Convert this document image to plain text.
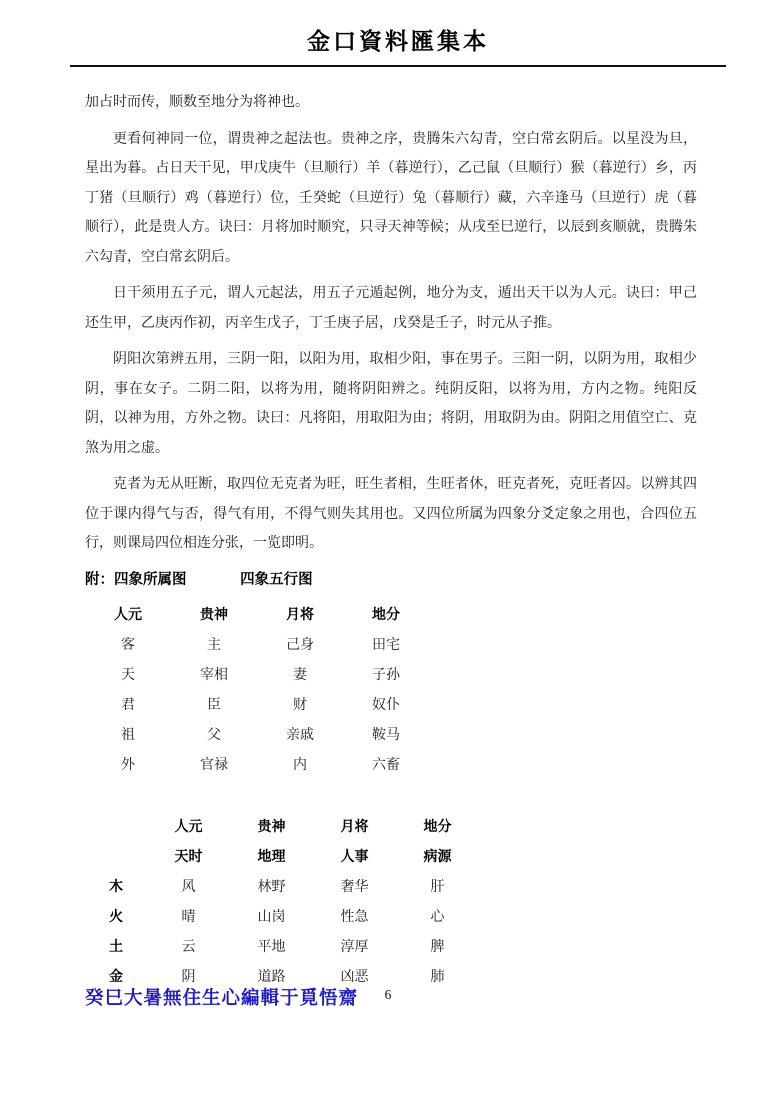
金口資料匯集本

加占时而传，顺数至地分为将神也。

更看何神同一位，谓贵神之起法也。贵神之序，贵腾朱六勾青，空白常玄阴后。以星没为旦，星出为暮。占日天干见，甲戊庚牛（旦顺行）羊（暮逆行），乙己鼠（旦顺行）猴（暮逆行）乡，丙丁猪（旦顺行）鸡（暮逆行）位，壬癸蛇（旦逆行）兔（暮顺行）藏，六辛逢马（旦逆行）虎（暮顺行），此是贵人方。诀曰：月将加时顺究，只寻天神等候；从戌至巳逆行，以辰到亥顺就，贵腾朱六勾青，空白常玄阴后。

日干须用五子元，谓人元起法，用五子元遁起例，地分为支，遁出天干以为人元。诀曰：甲己还生甲，乙庚丙作初，丙辛生戊子，丁壬庚子居，戊癸是壬子，时元从子推。

阴阳次第辨五用，三阴一阳，以阳为用，取相少阳，事在男子。三阳一阴，以阴为用，取相少阴，事在女子。二阴二阳，以将为用，随将阴阳辨之。纯阴反阳，以将为用，方内之物。纯阳反阴，以神为用，方外之物。诀曰：凡将阳，用取阳为由；将阴，用取阴为由。阴阳之用值空亡、克煞为用之虚。

克者为无从旺断，取四位无克者为旺，旺生者相，生旺者休，旺克者死，克旺者囚。以辨其四位于课内得气与否，得气有用，不得气则失其用也。又四位所属为四象分爻定象之用也，合四位五行，则课局四位相连分张，一览即明。

附：四象所属图	四象五行图
人元	贵神	月将	地分
客	主	己身	田宅
天	宰相	妻	子孙
君	臣	财	奴仆
祖	父	亲戚	鞍马
外	官禄	内	六畜
	人元	贵神	月将	地分
	天时	地理	人事	病源
木	风	林野	奢华	肝
火	晴	山岗	性急	心
土	云	平地	淳厚	脾
金	阴	道路	凶恶	肺
6
癸巳大暑無住生心編輯于覓悟齋
